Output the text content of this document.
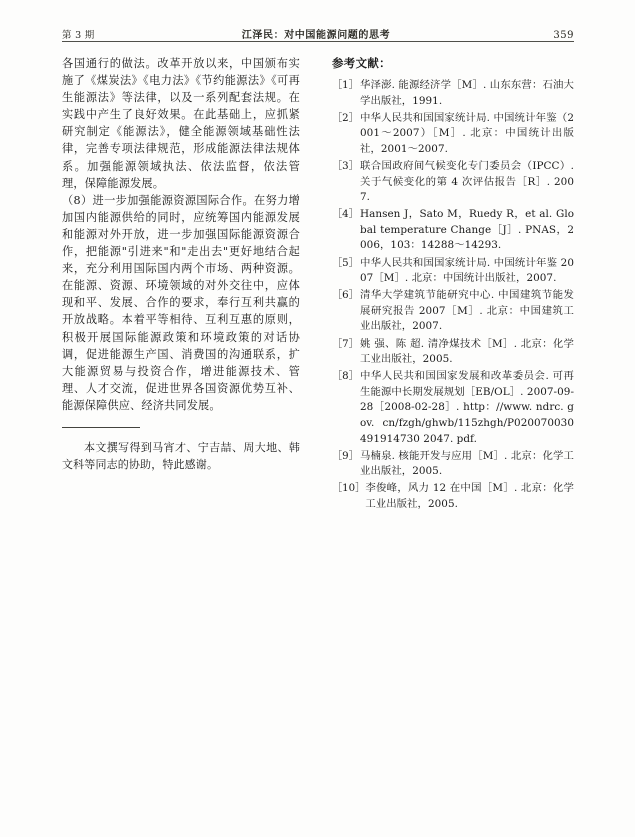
第 3 期	江泽民：对中国能源问题的思考	359

各国通行的做法。改革开放以来，中国颁布实施了《煤炭法》《电力法》《节约能源法》《可再生能源法》等法律，以及一系列配套法规。在实践中产生了良好效果。在此基础上，应抓紧研究制定《能源法》，健全能源领域基础性法律，完善专项法律规范，形成能源法律法规体系。加强能源领域执法、依法监督，依法管理，保障能源发展。

（8）进一步加强能源资源国际合作。在努力增加国内能源供给的同时，应统筹国内能源发展和能源对外开放，进一步加强国际能源资源合作，把能源"引进来"和"走出去"更好地结合起来，充分利用国际国内两个市场、两种资源。在能源、资源、环境领域的对外交往中，应体现和平、发展、合作的要求，奉行互利共赢的开放战略。本着平等相待、互利互惠的原则，积极开展国际能源政策和环境政策的对话协调，促进能源生产国、消费国的沟通联系，扩大能源贸易与投资合作，增进能源技术、管理、人才交流，促进世界各国资源优势互补、能源保障供应、经济共同发展。

本文撰写得到马宵才、宁吉喆、周大地、韩文科等同志的协助，特此感谢。

参考文献：
［1］ 华泽澎. 能源经济学［M］. 山东东营：石油大学出版社，1991.
［2］ 中华人民共和国国家统计局. 中国统计年鉴（2001～2007）［M］. 北京：中国统计出版社，2001～2007.
［3］ 联合国政府间气候变化专门委员会（IPCC）. 关于气候变化的第 4 次评估报告［R］. 2007.
［4］ Hansen J，Sato M，Ruedy R，et al. Global temperature Change［J］. PNAS，2006，103：14288～14293.
［5］ 中华人民共和国国家统计局. 中国统计年鉴 2007［M］. 北京：中国统计出版社，2007.
［6］ 清华大学建筑节能研究中心. 中国建筑节能发展研究报告 2007［M］. 北京：中国建筑工业出版社，2007.
［7］ 姚 强、陈 超. 清净煤技术［M］. 北京：化学工业出版社，2005.
［8］ 中华人民共和国国家发展和改革委员会. 可再生能源中长期发展规划［EB/OL］. 2007-09-28［2008-02-28］. http：//www. ndrc. gov. cn/fzgh/ghwb/115zhgh/P020070030491914730 2047. pdf.
［9］ 马楠泉. 核能开发与应用［M］. 北京：化学工业出版社，2005.
［10］ 李俊峰，风力 12 在中国［M］. 北京：化学工业出版社，2005.
